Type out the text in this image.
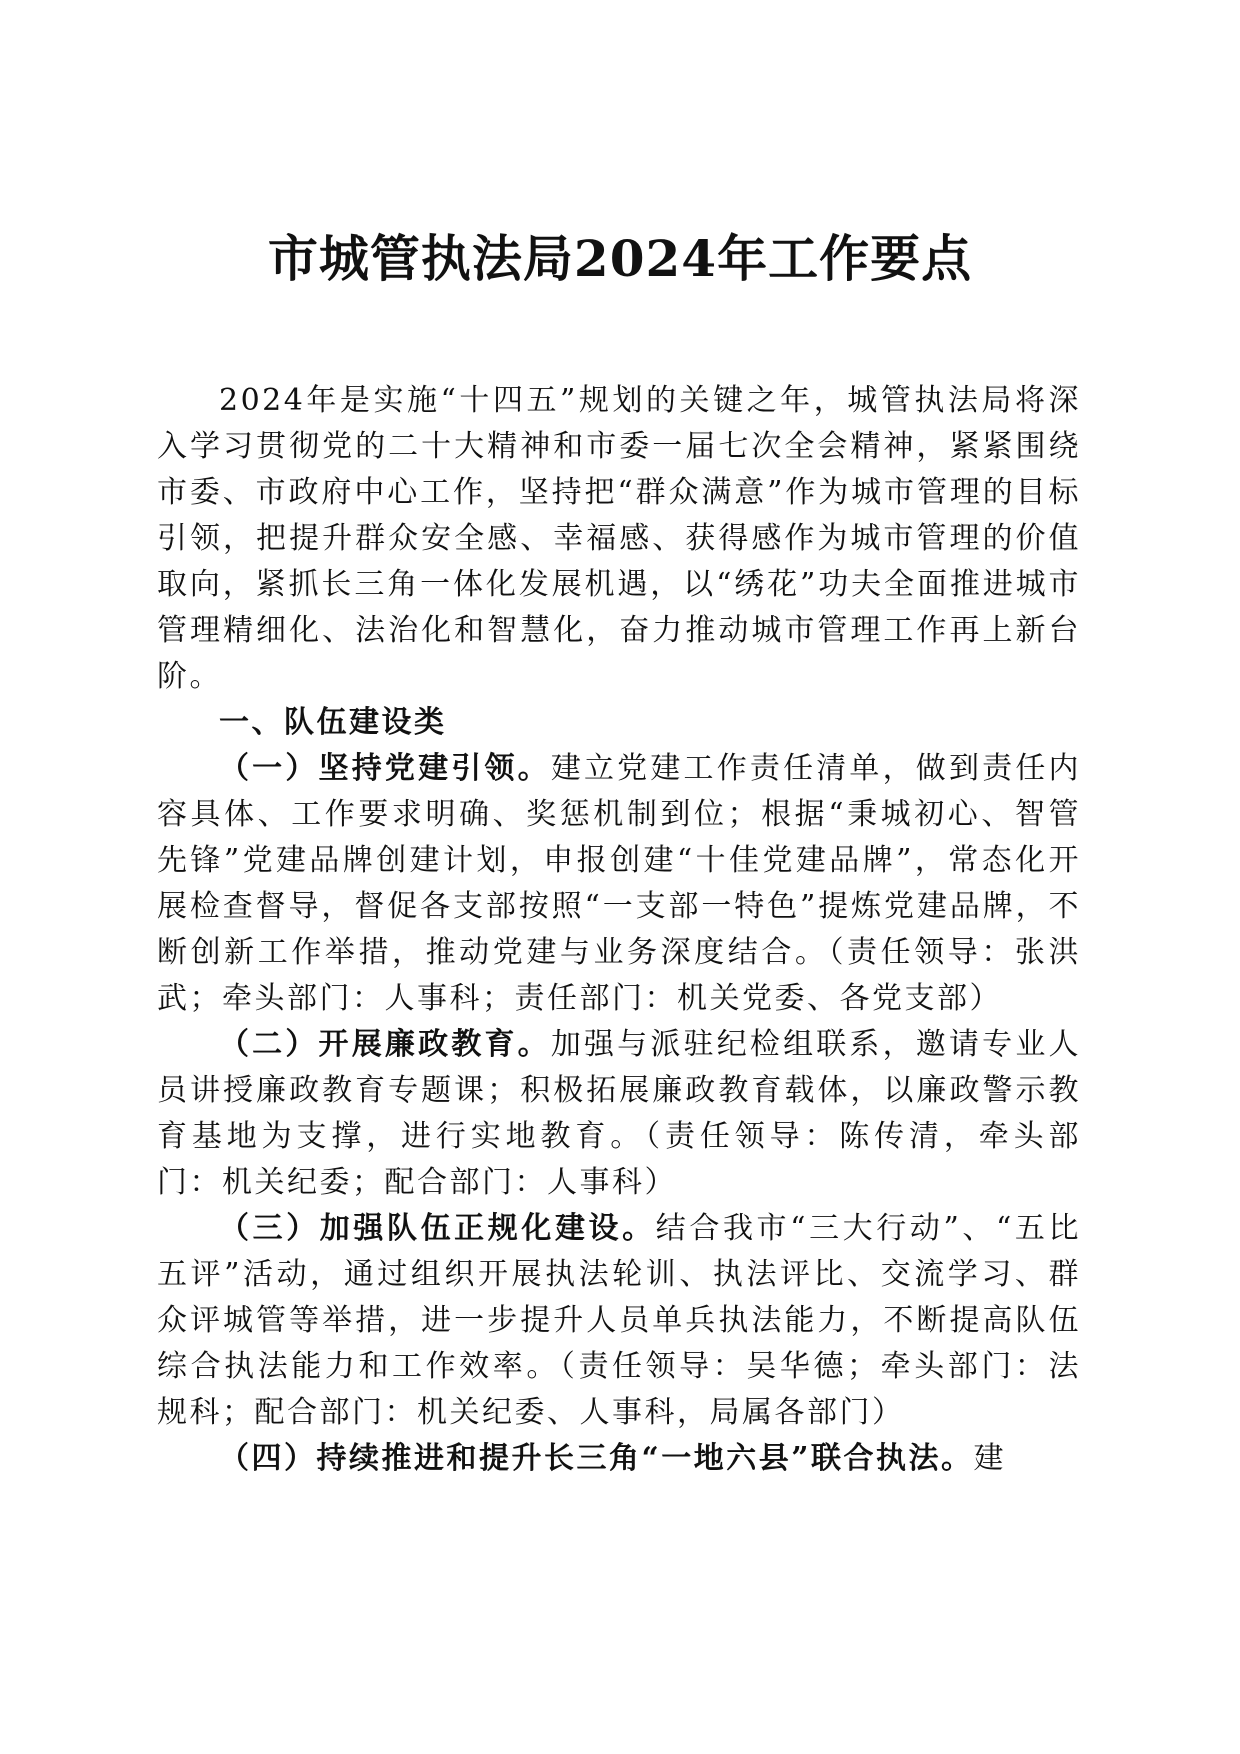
市城管执法局2024年工作要点

2024年是实施“十四五”规划的关键之年，城管执法局将深入学习贯彻党的二十大精神和市委一届七次全会精神，紧紧围绕市委、市政府中心工作，坚持把“群众满意”作为城市管理的目标引领，把提升群众安全感、幸福感、获得感作为城市管理的价值取向，紧抓长三角一体化发展机遇，以“绣花”功夫全面推进城市管理精细化、法治化和智慧化，奋力推动城市管理工作再上新台阶。

一、队伍建设类

（一）坚持党建引领。建立党建工作责任清单，做到责任内容具体、工作要求明确、奖惩机制到位；根据“秉城初心、智管先锋”党建品牌创建计划，申报创建“十佳党建品牌”，常态化开展检查督导，督促各支部按照“一支部一特色”提炼党建品牌，不断创新工作举措，推动党建与业务深度结合。（责任领导：张洪武；牵头部门：人事科；责任部门：机关党委、各党支部）

（二）开展廉政教育。加强与派驻纪检组联系，邀请专业人员讲授廉政教育专题课；积极拓展廉政教育载体，以廉政警示教育基地为支撑，进行实地教育。（责任领导：陈传清，牵头部门：机关纪委；配合部门：人事科）

（三）加强队伍正规化建设。结合我市“三大行动”、“五比五评”活动，通过组织开展执法轮训、执法评比、交流学习、群众评城管等举措，进一步提升人员单兵执法能力，不断提高队伍综合执法能力和工作效率。（责任领导：吴华德；牵头部门：法规科；配合部门：机关纪委、人事科，局属各部门）

（四）持续推进和提升长三角“一地六县”联合执法。建
